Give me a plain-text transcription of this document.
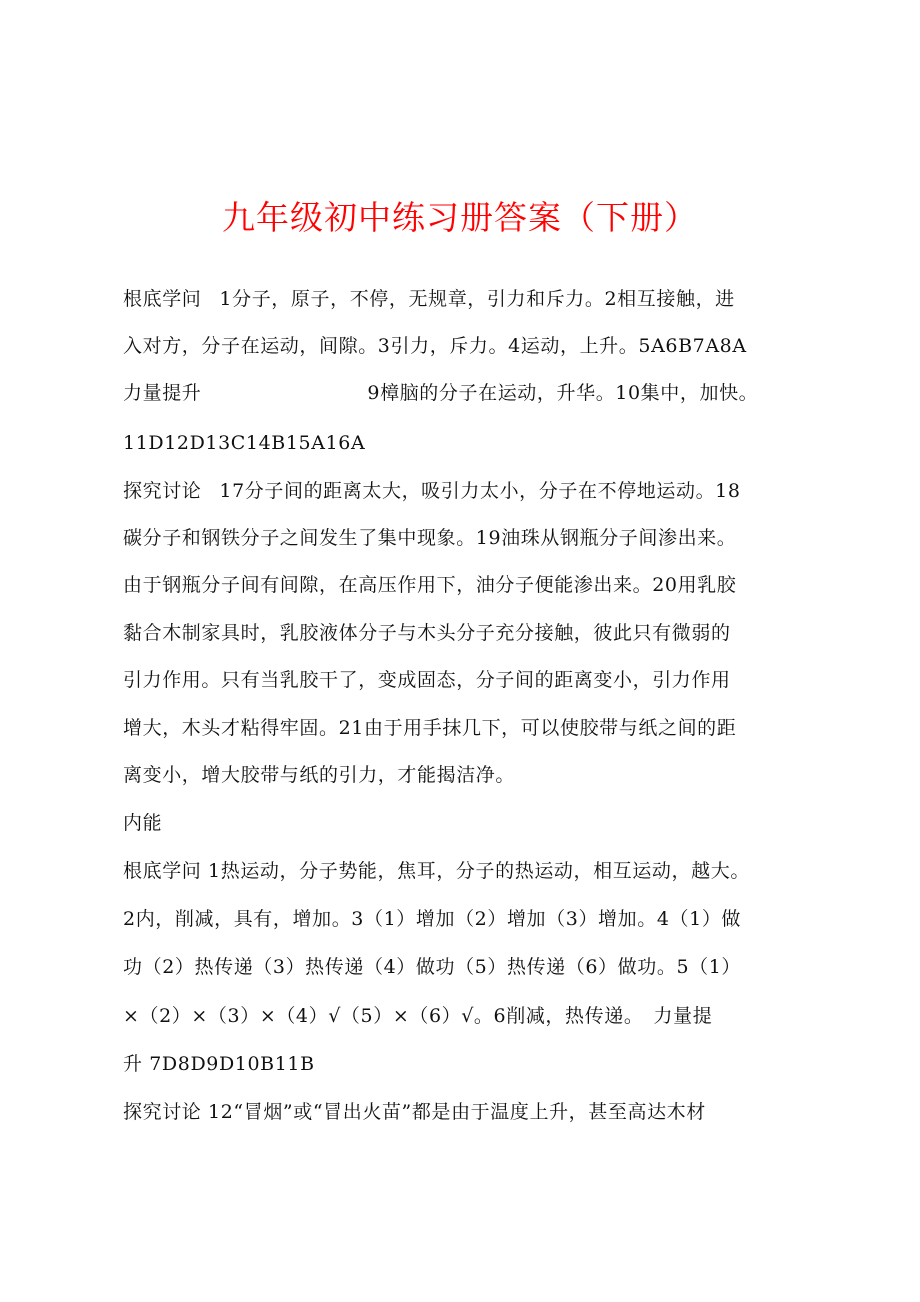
九年级初中练习册答案（下册）
根底学问 1分子，原子，不停，无规章，引力和斥力。2相互接触，进
入对方，分子在运动，间隙。3引力，斥力。4运动，上升。5A6B7A8A
力量提升	9樟脑的分子在运动，升华。10集中，加快。
11D12D13C14B15A16A
探究讨论 17分子间的距离太大，吸引力太小，分子在不停地运动。18
碳分子和钢铁分子之间发生了集中现象。19油珠从钢瓶分子间渗出来。
由于钢瓶分子间有间隙，在高压作用下，油分子便能渗出来。20用乳胶
黏合木制家具时，乳胶液体分子与木头分子充分接触，彼此只有微弱的
引力作用。只有当乳胶干了，变成固态，分子间的距离变小，引力作用
增大，木头才粘得牢固。21由于用手抹几下，可以使胶带与纸之间的距
离变小，增大胶带与纸的引力，才能揭洁净。
内能
根底学问 1热运动，分子势能，焦耳，分子的热运动，相互运动，越大。
2内，削减，具有，增加。3（1）增加（2）增加（3）增加。4（1）做
功（2）热传递（3）热传递（4）做功（5）热传递（6）做功。5（1）
×（2）×（3）×（4）√（5）×（6）√。6削减，热传递。　力量提
升 7D8D9D10B11B
探究讨论 12“冒烟”或“冒出火苗”都是由于温度上升，甚至高达木材
